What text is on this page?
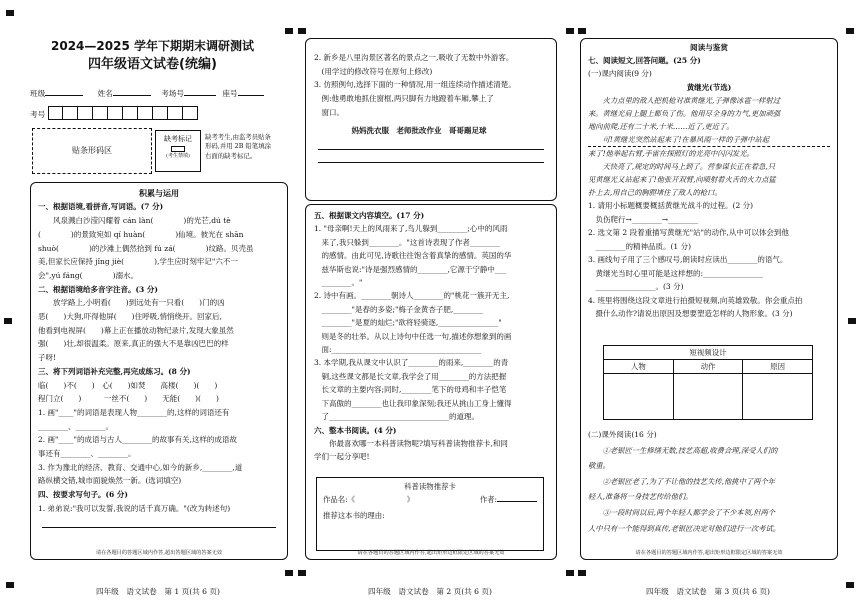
2024—2025 学年下期期末调研测试
四年级语文试卷(统编)
班级	姓名	考场号	座号
考号
贴条形码区
缺考标记
(考生禁填)
缺考考生,由监考员贴条
形码,并用 2B 铅笔填涂
右面的缺考标记。
积累与运用
一、根据语境,看拼音,写词语。(7 分)
　　风泉溅白沙滢闪耀着 cán làn(　　　　)的光芒,dú tè
(　　　　)的景致宛如 qí huàn(　　　　)仙境。彼光在 shān
shuò(　　　　)的沙滩上偶然拾到 fú zá(　　　　)纹路。贝壳虽
美,但家长应保持 jǐng jiè(　　　　),学生应时刻牢记"六不一
会",yú fáng(　　　　)溺水。
二、根据语境给多音字注音。(3 分)
　　放学路上,小明看(　　)到远处有一只看(　　)门的凶
恶(　　)大狗,吓得他屏(　　)住呼吸,悄悄绕开。回家后,
他看到电视屏(　　)幕上正在播放动物纪录片,发现大象虽然
强(　　)壮,却很温柔。原来,真正的强大不是靠凶巴巴的样
子呀!
三、将下列词语补充完整,再完成练习。(8 分)
临(　　)不(　　)　心(　　)如焚　　高楼(　　)(　　)
程门立(　　)　　　一丝不(　　)　　无能(　　)(　　)
1. 画"____"的词语是表现人物________的,这样的词语还有
________、________。
2. 画"____"的成语与古人________的故事有关,这样的成语故
事还有________、________。
3. 作为豫北的经济、教育、交通中心,如今的新乡,________,道
路纵横交错,城市面貌焕然一新。(选词填空)
四、按要求写句子。(6 分)
1. 弟弟说:"我可以发誓,我说的话千真万确。"(改为转述句)
请在各题目的答题区域内作答,超出答题区域的答案无效
四年级　语文试卷　第 1 页(共 6 页)
2. 新乡是八里沟景区著名的景点之一,吸收了无数中外游客。
　(用学过的修改符号在原句上修改)
3. 仿照例句,选择下面的一种情况,用一组连续动作描述清楚。
　例:他勇敢地抓住窗框,两只脚有力地蹬着车厢,攀上了
　窗口。
　　　　　妈妈洗衣服　老师批改作业　哥哥踢足球
五、根据课文内容填空。(17 分)
1. "母亲啊!天上的风雨来了,鸟儿躲到________;心中的风雨
　来了,我只躲到________。"这首诗表现了作者________
　的感情。由此可见,诗歌往往饱含着真挚的感情。英国的华
　兹华斯也说:"诗是强烈感情的________,它源于宁静中___
　________。"
2. 诗中有画。________朝诗人________的"桃花一簇开无主,
　________"是春的多姿;"梅子金黄杏子肥,________
　________"是夏的灿烂;"欲将轻骑逐,________________"
　则是冬的壮举。从以上诗句中任选一句,描述你想象到的画
　面:________________________________________
3. 本学期,我从课文中认识了________的雨来,________的青
　铜,这些课文都是长文章,我学会了用________的方法把握
　长文章的主要内容;同时,________笔下的母鸡和丰子恺笔
　下高傲的________也让我印象深刻;我还从挑山工身上懂得
　了________________________________的道理。
六、整本书阅读。(4 分)
　　你最喜欢哪一本科普读物呢?填写科普读物推荐卡,和同
学们一起分享吧!
科普读物推荐卡
作品名:《　　　　　　　》	作者:
推荐这本书的理由:
请在各题目的答题区域内作答,超出矩形边框限定区域的答案无效
四年级　语文试卷　第 2 页(共 6 页)
阅读与鉴赏
七、阅读短文,回答问题。(25 分)
(一)课内阅读(9 分)
黄继光(节选)
　　火力点里的敌人把机枪对准黄继光,子弹像冰雹一样射过
来。黄继光肩上腿上都负了伤。他用尽全身的力气,更加顽强
地向前爬,还有二十米,十米……近了,更近了。
　　可!黄继光突然站起来了!在暴风雨一样的子弹中站起
来了!他举起右臂,手雷在探照灯的光亮中闪闪发光。
　　天快亮了,规定的时间马上到了。营参谋长正在着急,只
见黄继光又站起来了!他张开双臂,向喷射着火舌的火力点猛
扑上去,用自己的胸膛堵住了敌人的枪口。
1. 请用小标题概要概括黄继光战斗的过程。(2 分)
　负伤爬行→________→________
2. 选文第 2 段着重描写黄继光"站"的动作,从中可以体会到他
　________的精神品质。(1 分)
3. 画线句子用了三个感叹号,朗读时应读出________的语气。
　黄继光当时心里可能是这样想的:________________
　________________。(3 分)
4. 班里将围绕这段文章进行拍摄短视频,向英雄致敬。你会重点拍
　摄什么动作?请说出原因及想要塑造怎样的人物形象。(3 分)
短视频设计		
人物	动作	原因

(二)课外阅读(16 分)
　　①老银匠一生修缮无数,技艺高超,收费合理,深受人们的
敬重。
　　②老银匠老了,为了不让他的技艺失传,他挑中了两个年
轻人,准备将一身技艺传给他们。
　　③一段时间以后,两个年轻人都学会了不少本领,但两个
人中只有一个能得到真传,老银匠决定对他们进行一次考试。
请在各题目的答题区域内作答,超出矩形边框限定区域的答案无效
四年级　语文试卷　第 3 页(共 6 页)
